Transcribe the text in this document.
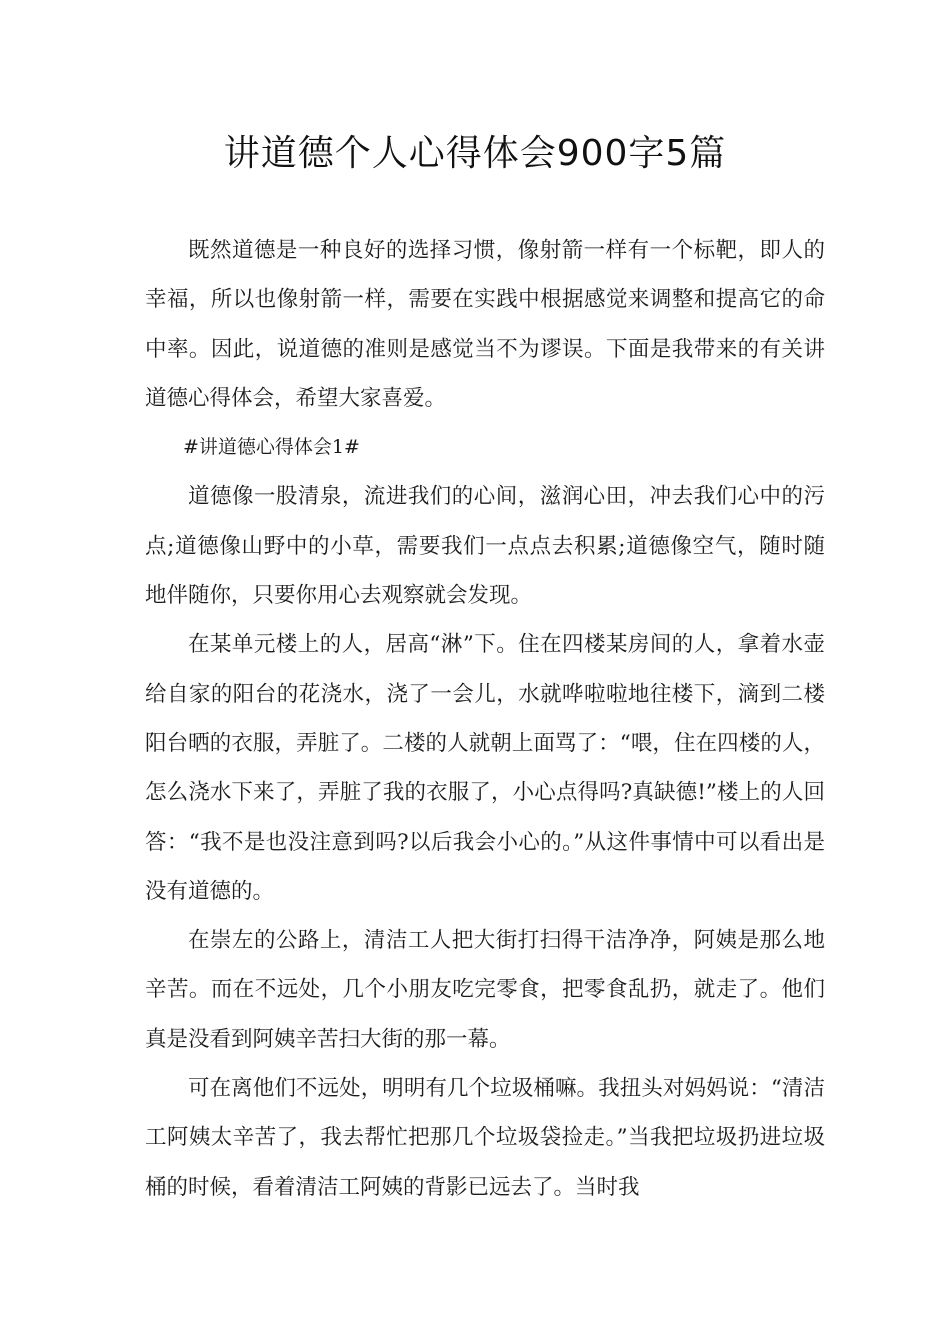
讲道德个人心得体会900字5篇

既然道德是一种良好的选择习惯，像射箭一样有一个标靶，即人的幸福，所以也像射箭一样，需要在实践中根据感觉来调整和提高它的命中率。因此，说道德的准则是感觉当不为谬误。下面是我带来的有关讲道德心得体会，希望大家喜爱。

#讲道德心得体会1#

道德像一股清泉，流进我们的心间，滋润心田，冲去我们心中的污点;道德像山野中的小草，需要我们一点点去积累;道德像空气，随时随地伴随你，只要你用心去观察就会发现。

在某单元楼上的人，居高“淋”下。住在四楼某房间的人，拿着水壶给自家的阳台的花浇水，浇了一会儿，水就哗啦啦地往楼下，滴到二楼阳台晒的衣服，弄脏了。二楼的人就朝上面骂了：“喂，住在四楼的人，怎么浇水下来了，弄脏了我的衣服了，小心点得吗?真缺德!”楼上的人回答：“我不是也没注意到吗?以后我会小心的。”从这件事情中可以看出是没有道德的。

在崇左的公路上，清洁工人把大街打扫得干洁净净，阿姨是那么地辛苦。而在不远处，几个小朋友吃完零食，把零食乱扔，就走了。他们真是没看到阿姨辛苦扫大街的那一幕。

可在离他们不远处，明明有几个垃圾桶嘛。我扭头对妈妈说：“清洁工阿姨太辛苦了，我去帮忙把那几个垃圾袋捡走。”当我把垃圾扔进垃圾桶的时候，看着清洁工阿姨的背影已远去了。当时我
